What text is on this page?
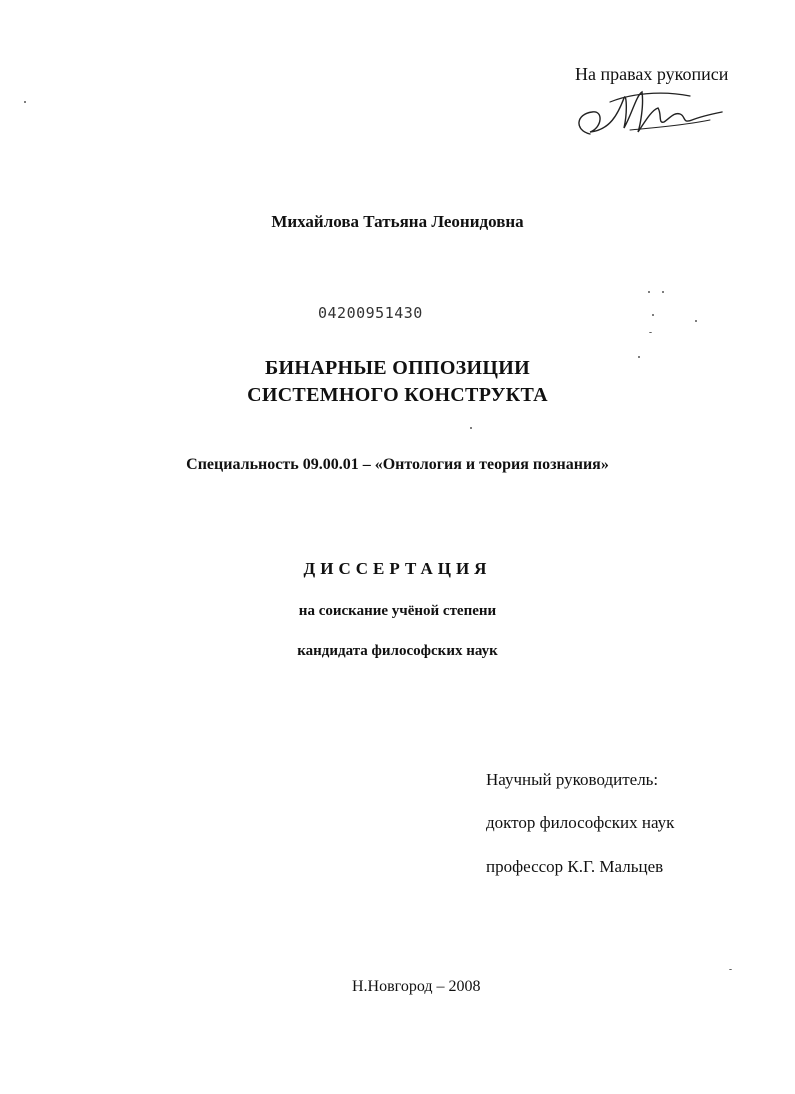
На правах рукописи
Михайлова Татьяна Леонидовна
04200951430
БИНАРНЫЕ ОППОЗИЦИИ
СИСТЕМНОГО КОНСТРУКТА
Специальность 09.00.01 – «Онтология и теория познания»
ДИССЕРТАЦИЯ
на соискание учёной степени
кандидата философских наук
Научный руководитель:
доктор философских наук
профессор К.Г. Мальцев
Н.Новгород – 2008
